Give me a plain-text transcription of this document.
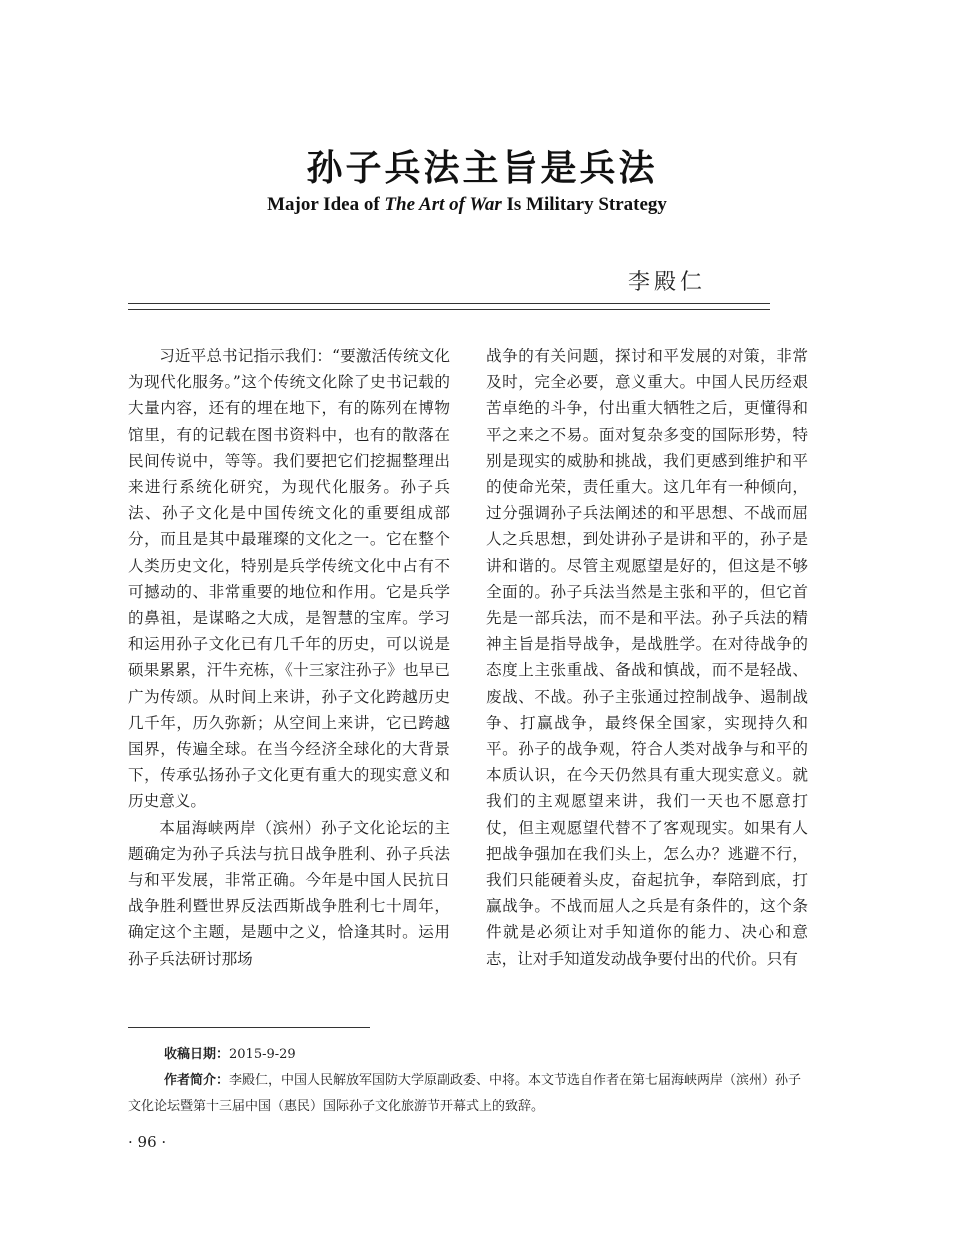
孙子兵法主旨是兵法
Major Idea of The Art of War Is Military Strategy
李殿仁

习近平总书记指示我们：“要激活传统文化为现代化服务。”这个传统文化除了史书记载的大量内容，还有的埋在地下，有的陈列在博物馆里，有的记载在图书资料中，也有的散落在民间传说中，等等。我们要把它们挖掘整理出来进行系统化研究，为现代化服务。孙子兵法、孙子文化是中国传统文化的重要组成部分，而且是其中最璀璨的文化之一。它在整个人类历史文化，特别是兵学传统文化中占有不可撼动的、非常重要的地位和作用。它是兵学的鼻祖，是谋略之大成，是智慧的宝库。学习和运用孙子文化已有几千年的历史，可以说是硕果累累，汗牛充栋，《十三家注孙子》也早已广为传颂。从时间上来讲，孙子文化跨越历史几千年，历久弥新；从空间上来讲，它已跨越国界，传遍全球。在当今经济全球化的大背景下，传承弘扬孙子文化更有重大的现实意义和历史意义。

本届海峡两岸（滨州）孙子文化论坛的主题确定为孙子兵法与抗日战争胜利、孙子兵法与和平发展，非常正确。今年是中国人民抗日战争胜利暨世界反法西斯战争胜利七十周年，确定这个主题，是题中之义，恰逢其时。运用孙子兵法研讨那场

战争的有关问题，探讨和平发展的对策，非常及时，完全必要，意义重大。中国人民历经艰苦卓绝的斗争，付出重大牺牲之后，更懂得和平之来之不易。面对复杂多变的国际形势，特别是现实的威胁和挑战，我们更感到维护和平的使命光荣，责任重大。这几年有一种倾向，过分强调孙子兵法阐述的和平思想、不战而屈人之兵思想，到处讲孙子是讲和平的，孙子是讲和谐的。尽管主观愿望是好的，但这是不够全面的。孙子兵法当然是主张和平的，但它首先是一部兵法，而不是和平法。孙子兵法的精神主旨是指导战争，是战胜学。在对待战争的态度上主张重战、备战和慎战，而不是轻战、废战、不战。孙子主张通过控制战争、遏制战争、打赢战争，最终保全国家，实现持久和平。孙子的战争观，符合人类对战争与和平的本质认识，在今天仍然具有重大现实意义。就我们的主观愿望来讲，我们一天也不愿意打仗，但主观愿望代替不了客观现实。如果有人把战争强加在我们头上，怎么办？逃避不行，我们只能硬着头皮，奋起抗争，奉陪到底，打赢战争。不战而屈人之兵是有条件的，这个条件就是必须让对手知道你的能力、决心和意志，让对手知道发动战争要付出的代价。只有

收稿日期：2015-9-29
作者简介：李殿仁，中国人民解放军国防大学原副政委、中将。本文节选自作者在第七届海峡两岸（滨州）孙子文化论坛暨第十三届中国（惠民）国际孙子文化旅游节开幕式上的致辞。
· 96 ·
